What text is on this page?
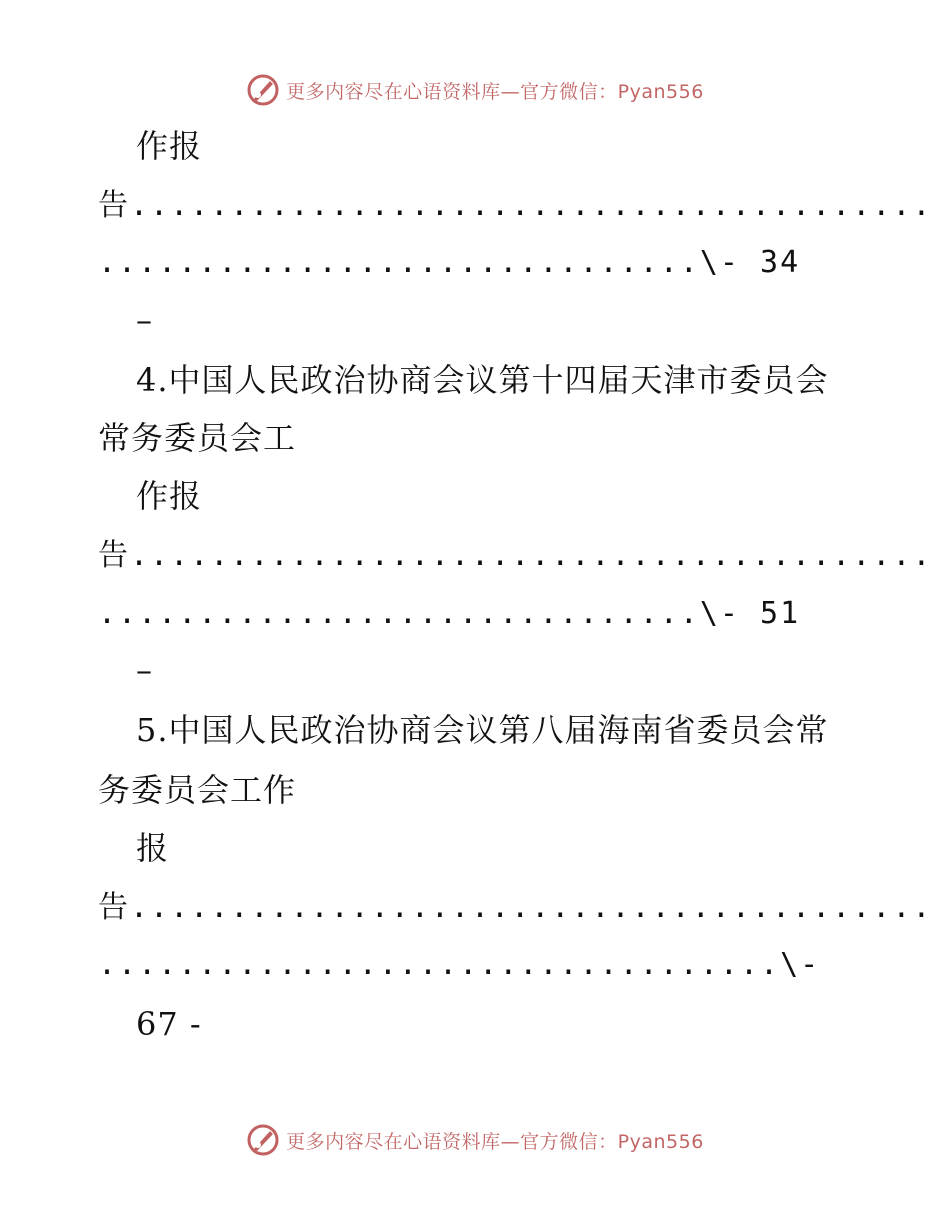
更多内容尽在心语资料库—官方微信：Pyan556
作报
告........................................
..............................\- 34
–
4.中国人民政治协商会议第十四届天津市委员会
常务委员会工
作报
告........................................
..............................\- 51
–
5.中国人民政治协商会议第八届海南省委员会常
务委员会工作
报
告........................................
..................................\-
67 -
更多内容尽在心语资料库—官方微信：Pyan556
